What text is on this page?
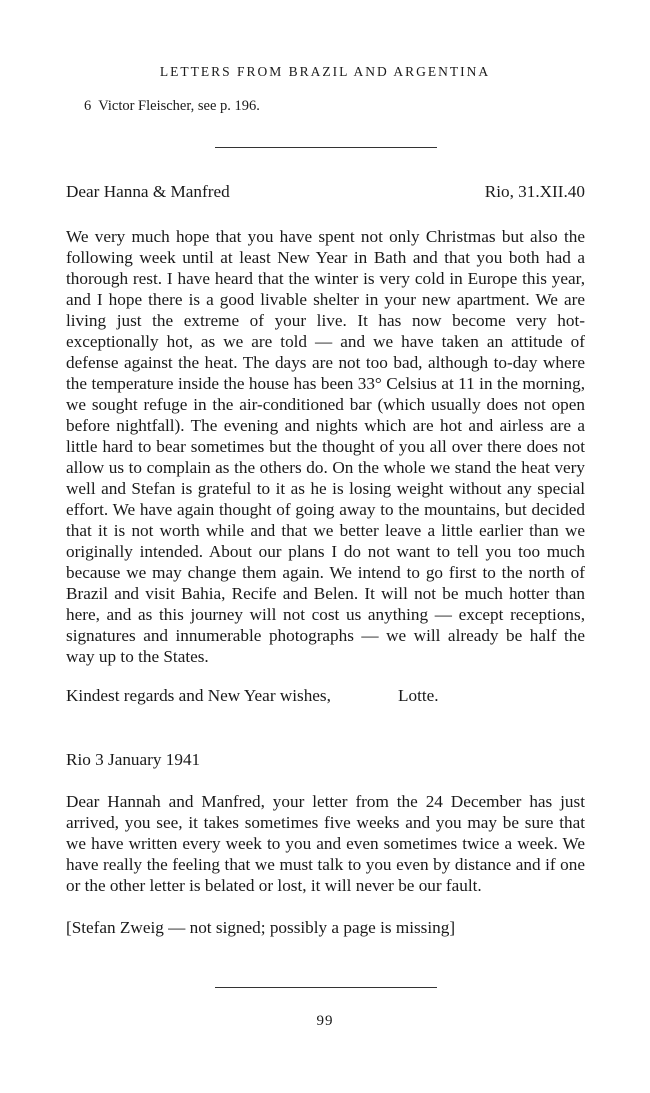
LETTERS FROM BRAZIL AND ARGENTINA

6 Victor Fleischer, see p. 196.

Dear Hanna & Manfred	Rio, 31.XII.40

We very much hope that you have spent not only Christmas but also the following week until at least New Year in Bath and that you both had a thorough rest. I have heard that the winter is very cold in Europe this year, and I hope there is a good livable shelter in your new apartment. We are living just the extreme of your live. It has now become very hot- exceptionally hot, as we are told — and we have taken an attitude of defense against the heat. The days are not too bad, although to-day where the temperature inside the house has been 33° Celsius at 11 in the morning, we sought refuge in the air-conditioned bar (which usually does not open before nightfall). The evening and nights which are hot and airless are a little hard to bear sometimes but the thought of you all over there does not allow us to complain as the others do. On the whole we stand the heat very well and Stefan is grateful to it as he is losing weight without any special effort. We have again thought of going away to the mountains, but decided that it is not worth while and that we better leave a little earlier than we originally intended. About our plans I do not want to tell you too much because we may change them again. We intend to go first to the north of Brazil and visit Bahia, Recife and Belen. It will not be much hotter than here, and as this journey will not cost us anything — except receptions, signatures and innumerable photographs — we will already be half the way up to the States.

Kindest regards and New Year wishes,	Lotte.
Rio 3 January 1941

Dear Hannah and Manfred, your letter from the 24 December has just arrived, you see, it takes sometimes five weeks and you may be sure that we have written every week to you and even sometimes twice a week. We have really the feeling that we must talk to you even by distance and if one or the other letter is belated or lost, it will never be our fault.

[Stefan Zweig — not signed; possibly a page is missing]
99
